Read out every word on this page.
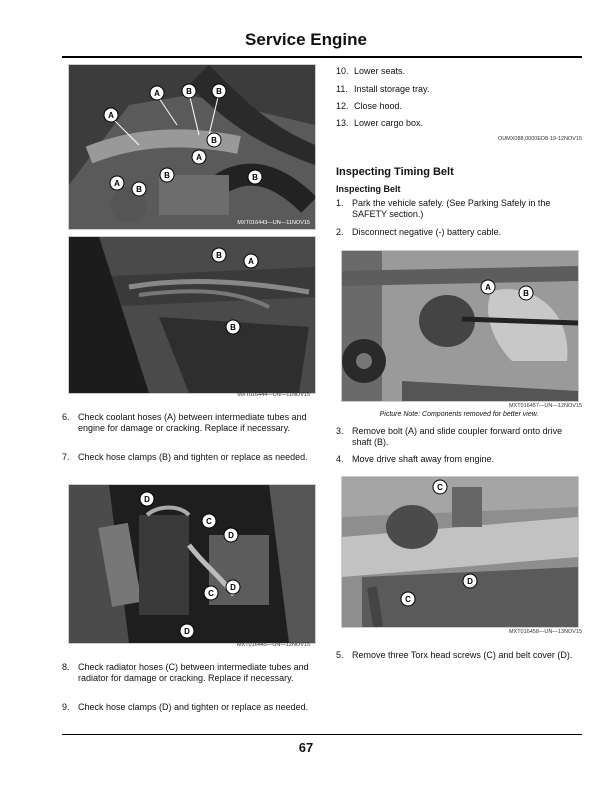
Service Engine
A	B	B
A
B
A
A
B
B	B
MXT016443—UN—11NOV15
B
A
B
MXT016444—UN—11NOV15
6. Check coolant hoses (A) between intermediate tubes and engine for damage or cracking. Replace if necessary.
7. Check hose clamps (B) and tighten or replace as needed.
D
C
D
C
D
D
MXT016445—UN—12NOV15
8. Check radiator hoses (C) between intermediate tubes and radiator for damage or cracking. Replace if necessary.
9. Check hose clamps (D) and tighten or replace as needed.
10. Lower seats.
11. Install storage tray.
12. Close hood.
13. Lower cargo box.
OUMX088,0000ED8-19-12NOV15
Inspecting Timing Belt
Inspecting Belt
1. Park the vehicle safely. (See Parking Safely in the SAFETY section.)
2. Disconnect negative (-) battery cable.
A
B
MXT016457—UN—12NOV15
Picture Note: Components removed for better view.
3. Remove bolt (A) and slide coupler forward onto drive shaft (B).
4. Move drive shaft away from engine.
C
D
C
MXT016458—UN—13NOV15
5. Remove three Torx head screws (C) and belt cover (D).
67
